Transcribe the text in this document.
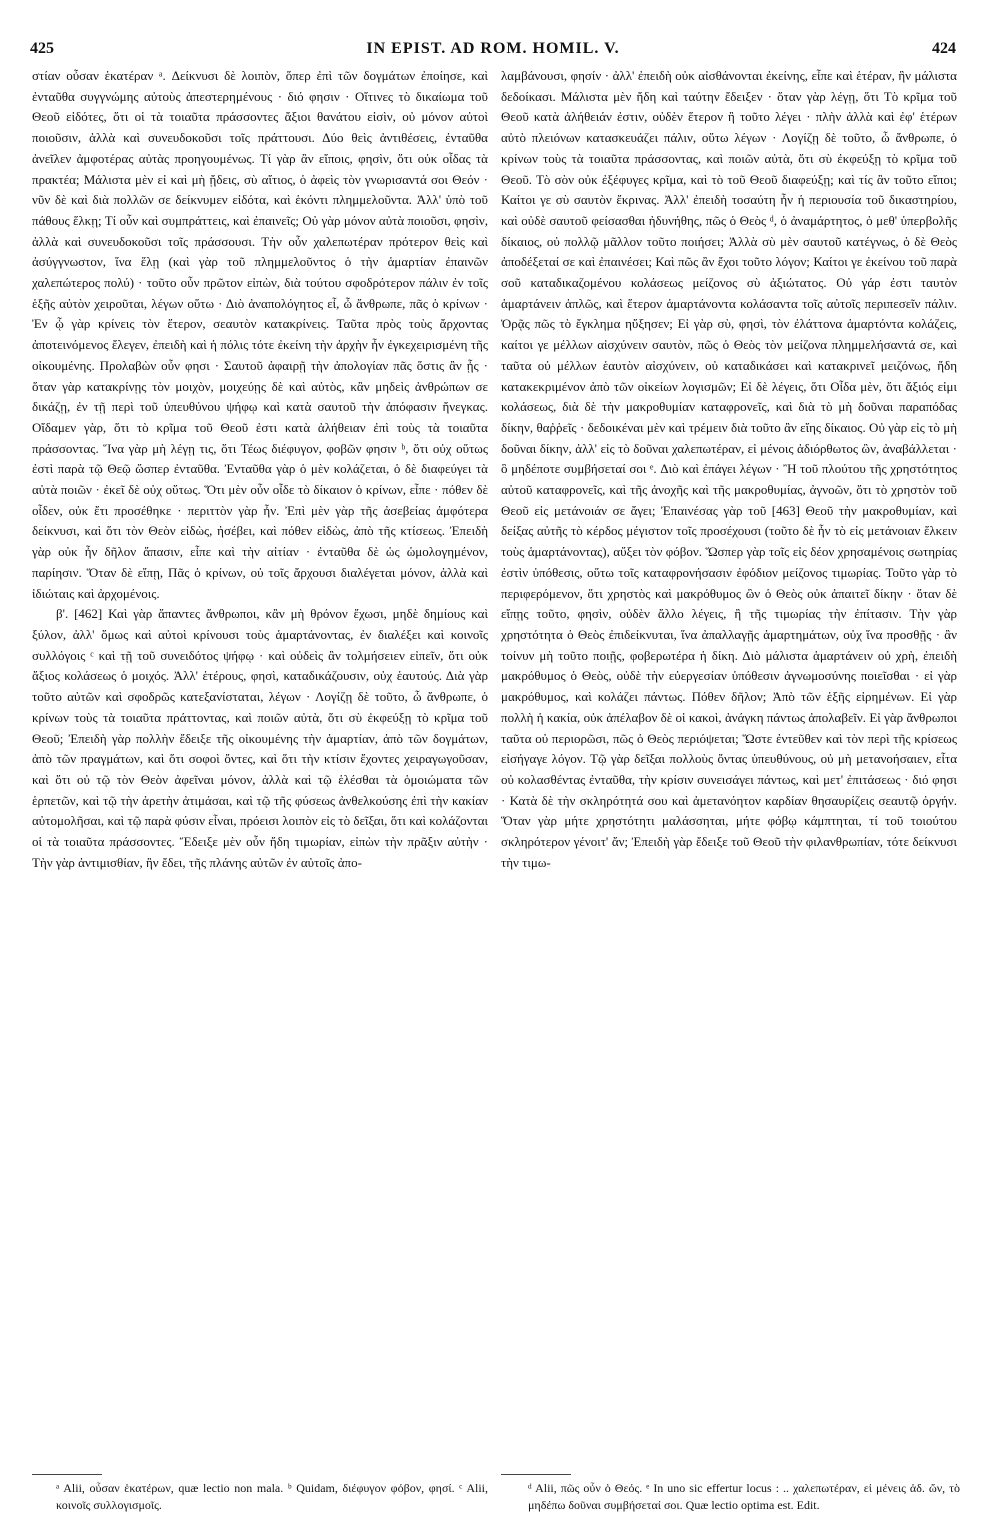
425	IN EPIST. AD ROM. HOMIL. V.	424

στίαν οὖσαν ἑκατέραν ᵃ. Δείκνυσι δὲ λοιπὸν, ὅπερ ἐπὶ τῶν δογμάτων ἐποίησε, καὶ ἐνταῦθα συγγνώμης αὐτοὺς ἀπεστερημένους · διό φησιν · Οἵτινες τὸ δικαίωμα τοῦ Θεοῦ εἰδότες, ὅτι οἱ τὰ τοιαῦτα πράσσοντες ἄξιοι θανάτου εἰσὶν, οὐ μόνον αὐτοὶ ποιοῦσιν, ἀλλὰ καὶ συνευδοκοῦσι τοῖς πράττουσι. Δύο θεὶς ἀντιθέσεις, ἐνταῦθα ἀνεῖλεν ἀμφοτέρας αὐτὰς προηγουμένως. Τί γὰρ ἂν εἴποις, φησὶν, ὅτι οὐκ οἶδας τὰ πρακτέα; Μάλιστα μὲν εἰ καὶ μὴ ᾔδεις, σὺ αἴτιος, ὁ ἀφεὶς τὸν γνωρισαντά σοι Θεόν · νῦν δὲ καὶ διὰ πολλῶν σε δείκνυμεν εἰδότα, καὶ ἑκόντι πλημμελοῦντα. Ἀλλ' ὑπὸ τοῦ πάθους ἕλκῃ; Τί οὖν καὶ συμπράττεις, καὶ ἐπαινεῖς; Οὐ γὰρ μόνον αὐτὰ ποιοῦσι, φησὶν, ἀλλὰ καὶ συνευδοκοῦσι τοῖς πράσσουσι. Τὴν οὖν χαλεπωτέραν πρότερον θεὶς καὶ ἀσύγγνωστον, ἵνα ἕλῃ (καὶ γὰρ τοῦ πλημμελοῦντος ὁ τὴν ἁμαρτίαν ἐπαινῶν χαλεπώτερος πολύ) · τοῦτο οὖν πρῶτον εἰπὼν, διὰ τούτου σφοδρότερον πάλιν ἐν τοῖς ἑξῆς αὐτὸν χειροῦται, λέγων οὕτω · Διὸ ἀναπολόγητος εἶ, ὦ ἄνθρωπε, πᾶς ὁ κρίνων · Ἐν ᾧ γὰρ κρίνεις τὸν ἕτερον, σεαυτὸν κατακρίνεις. Ταῦτα πρὸς τοὺς ἄρχοντας ἀποτεινόμενος ἔλεγεν, ἐπειδὴ καὶ ἡ πόλις τότε ἐκείνη τὴν ἀρχὴν ἦν ἐγκεχειρισμένη τῆς οἰκουμένης. Προλαβὼν οὖν φησι · Σαυτοῦ ἀφαιρῇ τὴν ἀπολογίαν πᾶς ὅστις ἂν ᾖς · ὅταν γὰρ κατακρίνῃς τὸν μοιχὸν, μοιχεύῃς δὲ καὶ αὐτὸς, κἂν μηδεὶς ἀνθρώπων σε δικάζῃ, ἐν τῇ περὶ τοῦ ὑπευθύνου ψήφῳ καὶ κατὰ σαυτοῦ τὴν ἀπόφασιν ἤνεγκας. Οἴδαμεν γὰρ, ὅτι τὸ κρῖμα τοῦ Θεοῦ ἐστι κατὰ ἀλήθειαν ἐπὶ τοὺς τὰ τοιαῦτα πράσσοντας. Ἵνα γὰρ μὴ λέγῃ τις, ὅτι Τέως διέφυγον, φοβῶν φησιν ᵇ, ὅτι οὐχ οὕτως ἐστὶ παρὰ τῷ Θεῷ ὥσπερ ἐνταῦθα. Ἐνταῦθα γὰρ ὁ μὲν κολάζεται, ὁ δὲ διαφεύγει τὰ αὐτὰ ποιῶν · ἐκεῖ δὲ οὐχ οὕτως. Ὅτι μὲν οὖν οἶδε τὸ δίκαιον ὁ κρίνων, εἶπε · πόθεν δὲ οἶδεν, οὐκ ἔτι προσέθηκε · περιττὸν γὰρ ἦν. Ἐπὶ μὲν γὰρ τῆς ἀσεβείας ἀμφότερα δείκνυσι, καὶ ὅτι τὸν Θεὸν εἰδὼς, ἠσέβει, καὶ πόθεν εἰδὼς, ἀπὸ τῆς κτίσεως. Ἐπειδὴ γὰρ οὐκ ἦν δῆλον ἅπασιν, εἶπε καὶ τὴν αἰτίαν · ἐνταῦθα δὲ ὡς ὡμολογημένον, παρίησιν. Ὅταν δὲ εἴπῃ, Πᾶς ὁ κρίνων, οὐ τοῖς ἄρχουσι διαλέγεται μόνον, ἀλλὰ καὶ ἰδιώταις καὶ ἀρχομένοις.

β'. [462] Καὶ γὰρ ἅπαντες ἄνθρωποι, κἂν μὴ θρόνον ἔχωσι, μηδὲ δημίους καὶ ξύλον, ἀλλ' ὅμως καὶ αὐτοὶ κρίνουσι τοὺς ἁμαρτάνοντας, ἐν διαλέξει καὶ κοινοῖς συλλόγοις ᶜ καὶ τῇ τοῦ συνειδότος ψήφῳ · καὶ οὐδεὶς ἂν τολμήσειεν εἰπεῖν, ὅτι οὐκ ἄξιος κολάσεως ὁ μοιχός. Ἀλλ' ἑτέρους, φησὶ, καταδικάζουσιν, οὐχ ἑαυτούς. Διὰ γὰρ τοῦτο αὐτῶν καὶ σφοδρῶς κατεξανίσταται, λέγων · Λογίζῃ δὲ τοῦτο, ὦ ἄνθρωπε, ὁ κρίνων τοὺς τὰ τοιαῦτα πράττοντας, καὶ ποιῶν αὐτὰ, ὅτι σὺ ἐκφεύξῃ τὸ κρῖμα τοῦ Θεοῦ; Ἐπειδὴ γὰρ πολλὴν ἔδειξε τῆς οἰκουμένης τὴν ἁμαρτίαν, ἀπὸ τῶν δογμάτων, ἀπὸ τῶν πραγμάτων, καὶ ὅτι σοφοὶ ὄντες, καὶ ὅτι τὴν κτίσιν ἔχοντες χειραγωγοῦσαν, καὶ ὅτι οὐ τῷ τὸν Θεὸν ἀφεῖναι μόνον, ἀλλὰ καὶ τῷ ἑλέσθαι τὰ ὁμοιώματα τῶν ἑρπετῶν, καὶ τῷ τὴν ἀρετὴν ἀτιμάσαι, καὶ τῷ τῆς φύσεως ἀνθελκούσης ἐπὶ τὴν κακίαν αὐτομολῆσαι, καὶ τῷ παρὰ φύσιν εἶναι, πρόεισι λοιπὸν εἰς τὸ δεῖξαι, ὅτι καὶ κολάζονται οἱ τὰ τοιαῦτα πράσσοντες. Ἔδειξε μὲν οὖν ἤδη τιμωρίαν, εἰπὼν τὴν πρᾶξιν αὐτὴν · Τὴν γὰρ ἀντιμισθίαν, ἣν ἔδει, τῆς πλάνης αὐτῶν ἐν αὐτοῖς ἀπο-

λαμβάνουσι, φησίν · ἀλλ' ἐπειδὴ οὐκ αἰσθάνονται ἐκείνης, εἶπε καὶ ἑτέραν, ἣν μάλιστα δεδοίκασι. Μάλιστα μὲν ἤδη καὶ ταύτην ἔδειξεν · ὅταν γὰρ λέγῃ, ὅτι Τὸ κρῖμα τοῦ Θεοῦ κατὰ ἀλήθειάν ἐστιν, οὐδὲν ἕτερον ἢ τοῦτο λέγει · πλὴν ἀλλὰ καὶ ἐφ' ἑτέρων αὐτὸ πλειόνων κατασκευάζει πάλιν, οὕτω λέγων · Λογίζῃ δὲ τοῦτο, ὦ ἄνθρωπε, ὁ κρίνων τοὺς τὰ τοιαῦτα πράσσοντας, καὶ ποιῶν αὐτὰ, ὅτι σὺ ἐκφεύξῃ τὸ κρῖμα τοῦ Θεοῦ. Τὸ σὸν οὐκ ἐξέφυγες κρῖμα, καὶ τὸ τοῦ Θεοῦ διαφεύξῃ; καὶ τίς ἂν τοῦτο εἴποι; Καίτοι γε σὺ σαυτὸν ἔκρινας. Ἀλλ' ἐπειδὴ τοσαύτη ἦν ἡ περιουσία τοῦ δικαστηρίου, καὶ οὐδὲ σαυτοῦ φείσασθαι ἠδυνήθης, πῶς ὁ Θεὸς ᵈ, ὁ ἀναμάρτητος, ὁ μεθ' ὑπερβολῆς δίκαιος, οὐ πολλῷ μᾶλλον τοῦτο ποιήσει; Ἀλλὰ σὺ μὲν σαυτοῦ κατέγνως, ὁ δὲ Θεὸς ἀποδέξεταί σε καὶ ἐπαινέσει; Καὶ πῶς ἂν ἔχοι τοῦτο λόγον; Καίτοι γε ἐκείνου τοῦ παρὰ σοῦ καταδικαζομένου κολάσεως μείζονος σὺ ἀξιώτατος. Οὐ γάρ ἐστι ταυτὸν ἁμαρτάνειν ἁπλῶς, καὶ ἕτερον ἁμαρτάνοντα κολάσαντα τοῖς αὐτοῖς περιπεσεῖν πάλιν. Ὁρᾷς πῶς τὸ ἔγκλημα ηὔξησεν; Εἰ γὰρ σὺ, φησὶ, τὸν ἐλάττονα ἁμαρτόντα κολάζεις, καίτοι γε μέλλων αἰσχύνειν σαυτὸν, πῶς ὁ Θεὸς τὸν μείζονα πλημμελήσαντά σε, καὶ ταῦτα οὐ μέλλων ἑαυτὸν αἰσχύνειν, οὐ καταδικάσει καὶ κατακρινεῖ μειζόνως, ἤδη κατακεκριμένον ἀπὸ τῶν οἰκείων λογισμῶν; Εἰ δὲ λέγεις, ὅτι Οἶδα μὲν, ὅτι ἄξιός εἰμι κολάσεως, διὰ δὲ τὴν μακροθυμίαν καταφρονεῖς, καὶ διὰ τὸ μὴ δοῦναι παραπόδας δίκην, θαῤῥεῖς · δεδοικέναι μὲν καὶ τρέμειν διὰ τοῦτο ἂν εἴης δίκαιος. Οὐ γὰρ εἰς τὸ μὴ δοῦναι δίκην, ἀλλ' εἰς τὸ δοῦναι χαλεπωτέραν, εἰ μένοις ἀδιόρθωτος ὢν, ἀναβάλλεται · ὃ μηδέποτε συμβήσεταί σοι ᵉ. Διὸ καὶ ἐπάγει λέγων · Ἢ τοῦ πλούτου τῆς χρηστότητος αὐτοῦ καταφρονεῖς, καὶ τῆς ἀνοχῆς καὶ τῆς μακροθυμίας, ἀγνοῶν, ὅτι τὸ χρηστὸν τοῦ Θεοῦ εἰς μετάνοιάν σε ἄγει; Ἐπαινέσας γὰρ τοῦ [463] Θεοῦ τὴν μακροθυμίαν, καὶ δείξας αὐτῆς τὸ κέρδος μέγιστον τοῖς προσέχουσι (τοῦτο δὲ ἦν τὸ εἰς μετάνοιαν ἕλκειν τοὺς ἁμαρτάνοντας), αὔξει τὸν φόβον. Ὥσπερ γὰρ τοῖς εἰς δέον χρησαμένοις σωτηρίας ἐστὶν ὑπόθεσις, οὕτω τοῖς καταφρονήσασιν ἐφόδιον μείζονος τιμωρίας. Τοῦτο γὰρ τὸ περιφερόμενον, ὅτι χρηστὸς καὶ μακρόθυμος ὢν ὁ Θεὸς οὐκ ἀπαιτεῖ δίκην · ὅταν δὲ εἴπῃς τοῦτο, φησὶν, οὐδὲν ἄλλο λέγεις, ἢ τῆς τιμωρίας τὴν ἐπίτασιν. Τὴν γὰρ χρηστότητα ὁ Θεὸς ἐπιδείκνυται, ἵνα ἀπαλλαγῇς ἁμαρτημάτων, οὐχ ἵνα προσθῇς · ἂν τοίνυν μὴ τοῦτο ποιῇς, φοβερωτέρα ἡ δίκη. Διὸ μάλιστα ἁμαρτάνειν οὐ χρὴ, ἐπειδὴ μακρόθυμος ὁ Θεὸς, οὐδὲ τὴν εὐεργεσίαν ὑπόθεσιν ἀγνωμοσύνης ποιεῖσθαι · εἰ γὰρ μακρόθυμος, καὶ κολάζει πάντως. Πόθεν δῆλον; Ἀπὸ τῶν ἑξῆς εἰρημένων. Εἰ γὰρ πολλὴ ἡ κακία, οὐκ ἀπέλαβον δὲ οἱ κακοὶ, ἀνάγκη πάντως ἀπολαβεῖν. Εἰ γὰρ ἄνθρωποι ταῦτα οὐ περιορῶσι, πῶς ὁ Θεὸς περιόψεται; Ὥστε ἐντεῦθεν καὶ τὸν περὶ τῆς κρίσεως εἰσήγαγε λόγον. Τῷ γὰρ δεῖξαι πολλοὺς ὄντας ὑπευθύνους, οὐ μὴ μετανοήσαιεν, εἶτα οὐ κολασθέντας ἐνταῦθα, τὴν κρίσιν συνεισάγει πάντως, καὶ μετ' ἐπιτάσεως · διό φησι · Κατὰ δὲ τὴν σκληρότητά σου καὶ ἀμετανόητον καρδίαν θησαυρίζεις σεαυτῷ ὀργήν. Ὅταν γὰρ μήτε χρηστότητι μαλάσσηται, μήτε φόβῳ κάμπτηται, τί τοῦ τοιούτου σκληρότερον γένοιτ' ἄν; Ἐπειδὴ γὰρ ἔδειξε τοῦ Θεοῦ τὴν φιλανθρωπίαν, τότε δείκνυσι τὴν τιμω-

ᵃ Alii, οὖσαν ἑκατέρων, quæ lectio non mala. ᵇ Quidam, διέφυγον φόβον, φησί. ᶜ Alii, κοινοῖς συλλογισμοῖς.
ᵈ Alii, πῶς οὖν ὁ Θεός. ᵉ In uno sic effertur locus : .. χαλεπωτέραν, εἰ μένεις ἀδ. ὤν, τὸ μηδέπω δοῦναι συμβήσεταί σοι. Quæ lectio optima est. Edit.
